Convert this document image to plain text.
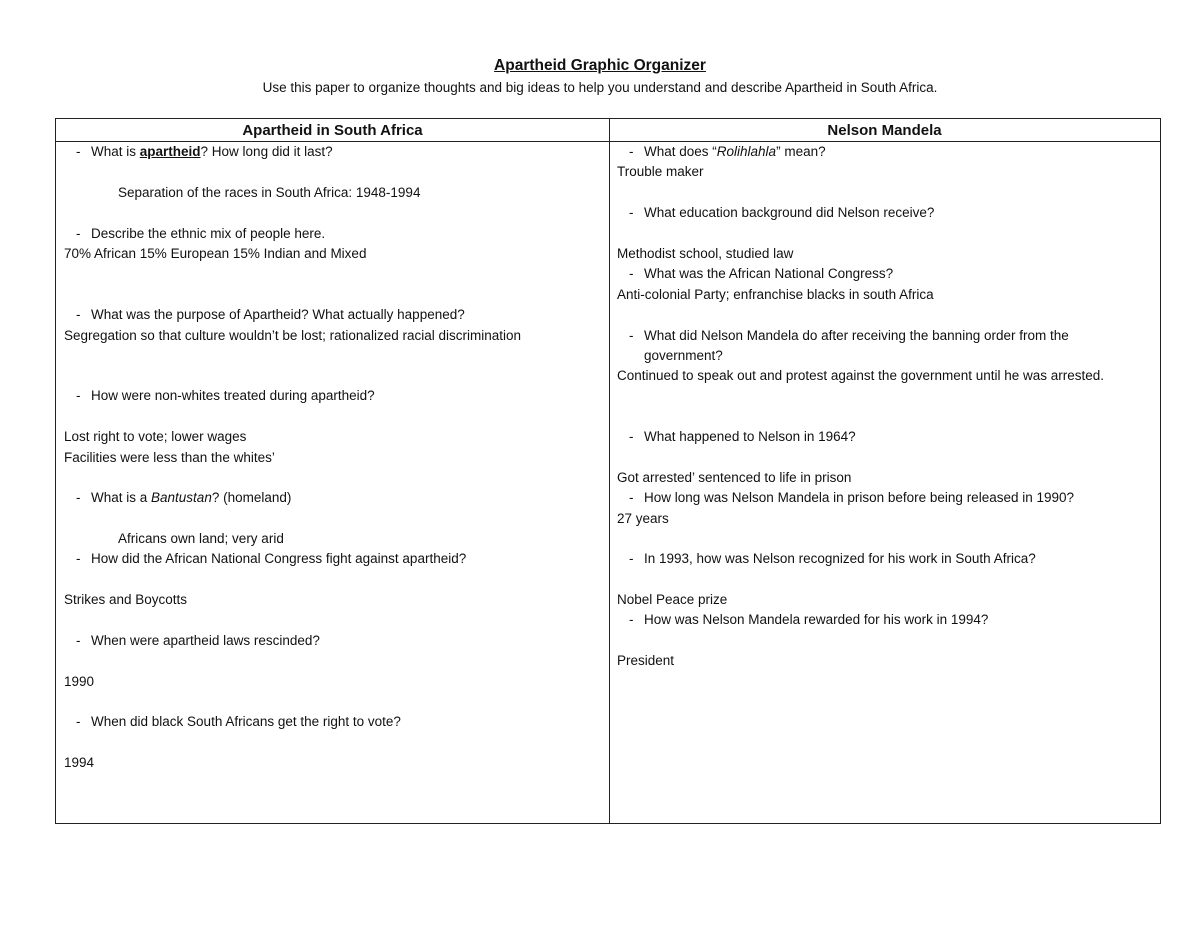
Apartheid Graphic Organizer
Use this paper to organize thoughts and big ideas to help you understand and describe Apartheid in South Africa.
Apartheid in South Africa
- What is apartheid? How long did it last?
Separation of the races in South Africa: 1948-1994
- Describe the ethnic mix of people here.
70% African 15% European 15% Indian and Mixed
- What was the purpose of Apartheid? What actually happened?
Segregation so that culture wouldn’t be lost; rationalized racial discrimination
- How were non-whites treated during apartheid?
Lost right to vote; lower wages
Facilities were less than the whites’
- What is a Bantustan? (homeland)
Africans own land; very arid
- How did the African National Congress fight against apartheid?
Strikes and Boycotts
- When were apartheid laws rescinded?
1990
- When did black South Africans get the right to vote?
1994
Nelson Mandela
- What does “Rolihlahla” mean?
Trouble maker
- What education background did Nelson receive?
Methodist school, studied law
- What was the African National Congress?
Anti-colonial Party; enfranchise blacks in south Africa
- What did Nelson Mandela do after receiving the banning order from the government?
Continued to speak out and protest against the government until he was arrested.
- What happened to Nelson in 1964?
Got arrested’ sentenced to life in prison
- How long was Nelson Mandela in prison before being released in 1990?
27 years
- In 1993, how was Nelson recognized for his work in South Africa?
Nobel Peace prize
- How was Nelson Mandela rewarded for his work in 1994?
President
